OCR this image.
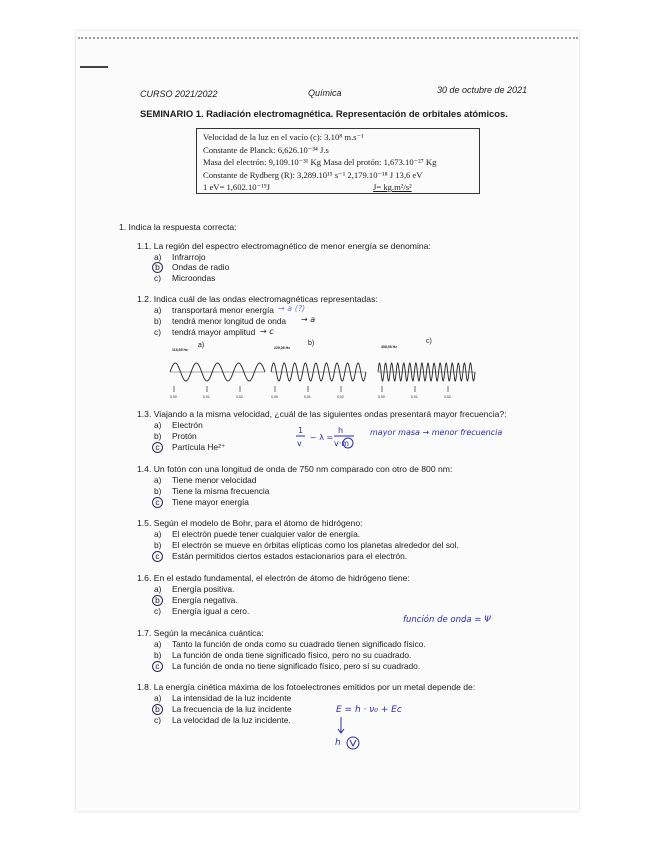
CURSO 2021/2022	Química	30 de octubre de 2021
SEMINARIO 1. Radiación electromagnética. Representación de orbitales atómicos.
Velocidad de la luz en el vacío (c): 3.10⁸ m.s⁻¹
Constante de Planck: 6,626.10⁻³⁴ J.s
Masa del electrón: 9,109.10⁻³¹ Kg Masa del protón: 1,673.10⁻²⁷ Kg
Constante de Rydberg (R): 3,289.10¹⁵ s⁻¹ 2,179.10⁻¹⁸ J 13,6 eV
1 eV= 1,602.10⁻¹⁹J	J= kg.m²/s²
1. Indica la respuesta correcta:
1.1. La región del espectro electromagnético de menor energía se denomina:
a) Infrarrojo
b Ondas de radio
c) Microondas
1.2. Indica cuál de las ondas electromagnéticas representadas:
a) transportará menor energía → a (?)
b) tendrá menor longitud de onda → a
c) tendrá mayor amplitud → c
a)	b)	c)
116,59 Hz	229,06 Hz	408,06 Hz
0,00	0,01	0,02	0,00	0,01	0,02	0,00	0,01	0,02
1.3. Viajando a la misma velocidad, ¿cuál de las siguientes ondas presentará mayor frecuencia?:
a) Electrón
b) Protón
c Partícula He²⁺
1
v
~ λ =
h
v·m
mayor masa → menor frecuencia
1.4. Un fotón con una longitud de onda de 750 nm comparado con otro de 800 nm:
a) Tiene menor velocidad
b) Tiene la misma frecuencia
c Tiene mayor energía
1.5. Según el modelo de Bohr, para el átomo de hidrógeno:
a) El electrón puede tener cualquier valor de energía.
b) El electrón se mueve en órbitas elípticas como los planetas alrededor del sol.
c Están permitidos ciertos estados estacionarios para el electrón.
1.6. En el estado fundamental, el electrón de átomo de hidrógeno tiene:
a) Energía positiva.
b Energía negativa.
c) Energía igual a cero.
función de onda = Ψ
1.7. Según la mecánica cuántica:
a) Tanto la función de onda como su cuadrado tienen significado físico.
b) La función de onda tiene significado físico, pero no su cuadrado.
c La función de onda no tiene significado físico, pero sí su cuadrado.
1.8. La energía cinética máxima de los fotoelectrones emitidos por un metal depende de:
a) La intensidad de la luz incidente
b La frecuencia de la luz incidente
c) La velocidad de la luz incidente.
E = h · ν₀ + Ec
h
